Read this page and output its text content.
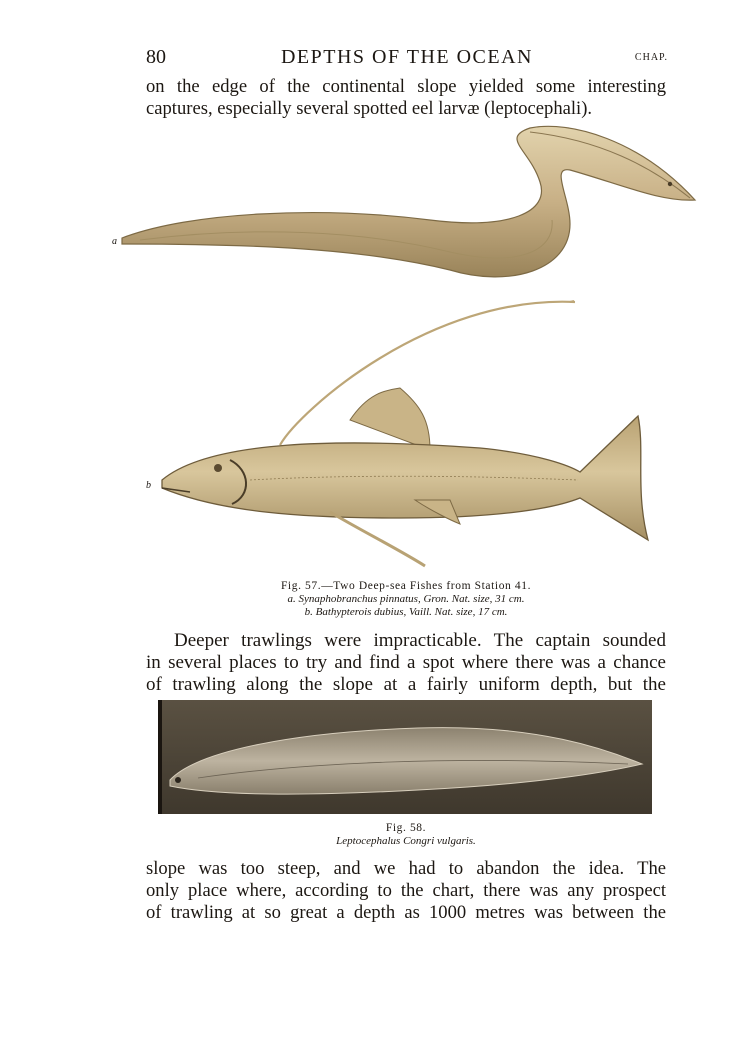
80	DEPTHS OF THE OCEAN	CHAP.
on the edge of the continental slope yielded some interesting
captures, especially several spotted eel larvæ (leptocephali).
a
b
Fig. 57.—Two Deep-sea Fishes from Station 41.
a. Synaphobranchus pinnatus, Gron. Nat. size, 31 cm.
b. Bathypterois dubius, Vaill. Nat. size, 17 cm.
Deeper trawlings were impracticable. The captain sounded
in several places to try and find a spot where there was a chance
of trawling along the slope at a fairly uniform depth, but the
Fig. 58.
Leptocephalus Congri vulgaris.
slope was too steep, and we had to abandon the idea. The
only place where, according to the chart, there was any prospect
of trawling at so great a depth as 1000 metres was between the
